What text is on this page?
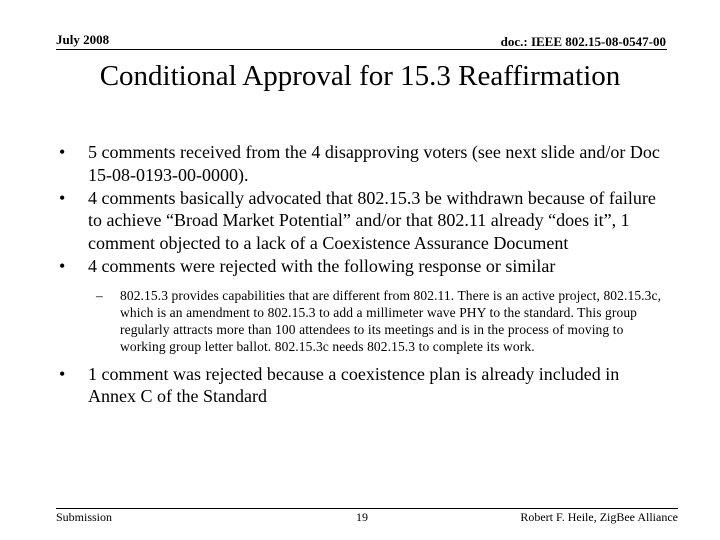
July 2008	doc.: IEEE 802.15-08-0547-00
Conditional Approval for 15.3 Reaffirmation
• 5 comments received from the 4 disapproving voters (see next slide and/or Doc 15-08-0193-00-0000).
• 4 comments basically advocated that 802.15.3 be withdrawn because of failure to achieve “Broad Market Potential” and/or that 802.11 already “does it”, 1 comment objected to a lack of a Coexistence Assurance Document
• 4 comments were rejected with the following response or similar
– 802.15.3 provides capabilities that are different from 802.11. There is an active project, 802.15.3c, which is an amendment to 802.15.3 to add a millimeter wave PHY to the standard. This group regularly attracts more than 100 attendees to its meetings and is in the process of moving to working group letter ballot. 802.15.3c needs 802.15.3 to complete its work.
• 1 comment was rejected because a coexistence plan is already included in Annex C of the Standard
Submission	19	Robert F. Heile, ZigBee Alliance
